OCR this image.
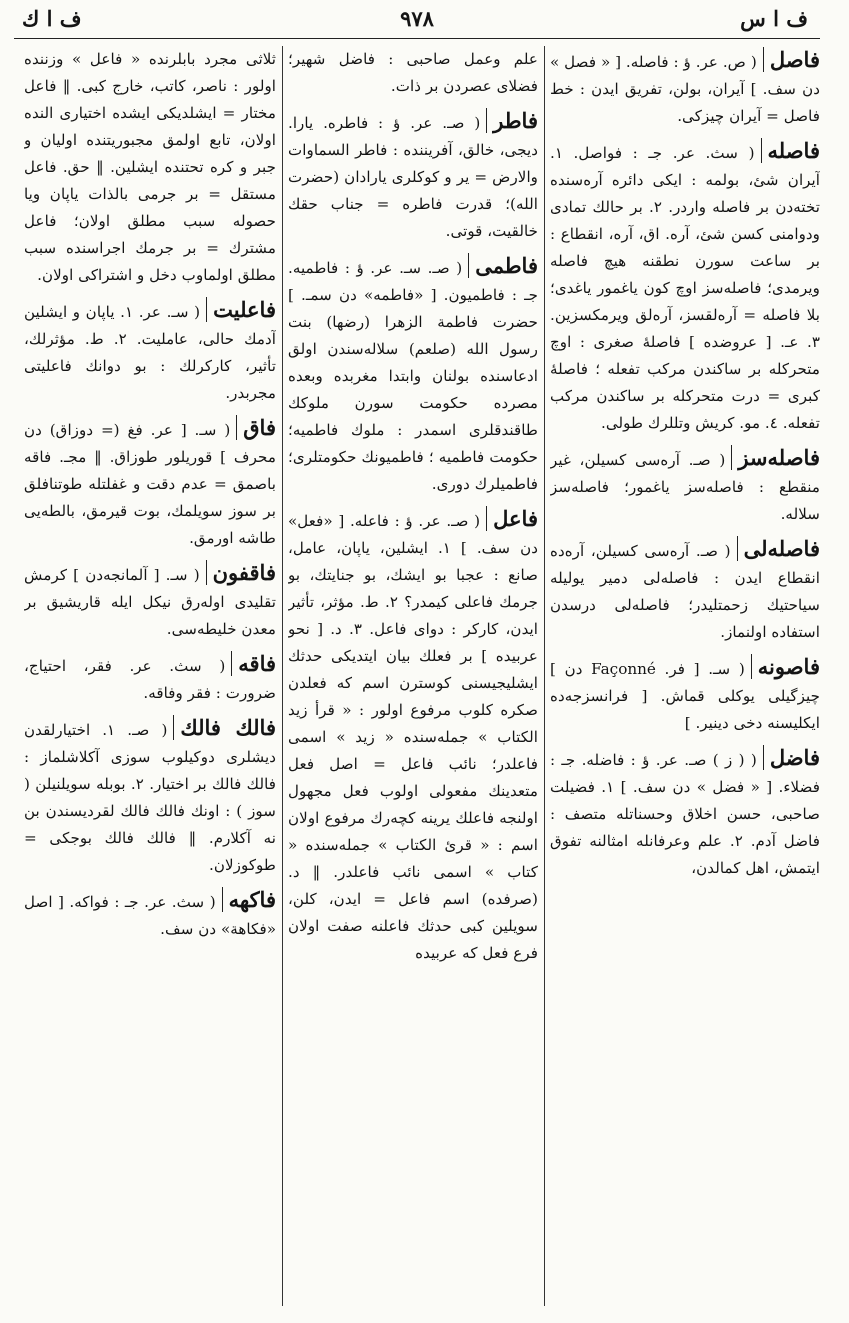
ف ا س
٩٧٨
ف ا ك
فاصل( ص. عر. ؤ : فاصله. [ « فصل » دن سف. ] آیران، بولن، تفریق ایدن : خط فاصل = آیران چیزکی.
فاصله( سث. عر. جـ : فواصل. ١. آیران شئ، بولمه : ایکی دائره آره‌سنده تخته‌دن بر فاصله واردر. ٢. بر حالك تمادی ودوامنی کسن شئ، آره. اق، آره، انقطاع : بر ساعت سورن نطقنه هیچ فاصله ویرمدی؛ فاصله‌سز اوچ کون یاغمور یاغدی؛ بلا فاصله = آره‌لقسز، آره‌لق ویرمکسزین. ٣. عـ. [ عروضده ] فاصلهٔ صغری : اوچ متحرکله بر ساکندن مرکب تفعله ؛ فاصلهٔ کبری = درت متحرکله بر ساکندن مرکب تفعله. ٤. مو. کریش وتللرك طولی.
فاصله‌سز( صـ. آره‌سی کسیلن، غیر منقطع : فاصله‌سز یاغمور؛ فاصله‌سز سلاله.
فاصله‌لی( صـ. آره‌سی کسیلن، آره‌ده انقطاع ایدن : فاصله‌لی دمیر یولیله سیاحتیك زحمتلیدر؛ فاصله‌لی درسدن استفاده اولنماز.
فاصونه( سـ. [ فر. Façonné دن ] چیزگیلی یوکلی قماش. [ فرانسزجه‌ده ایکلیسنه دخی دینیر. ]
فاضل( ( ز ) صـ. عر. ؤ : فاضله. جـ : فضلاء. [ « فضل » دن سف. ] ١. فضیلت صاحبی، حسن اخلاق وحسناتله متصف : فاضل آدم. ٢. علم وعرفانله امثالنه تفوق ایتمش، اهل کمالدن،
علم وعمل صاحبی : فاضل شهیر؛ فضلای عصردن بر ذات.
فاطر( صـ. عر. ؤ : فاطره. یارا. دیجی، خالق، آفریننده : فاطر السماوات والارض = یر و کوکلری یارادان (حضرت الله)؛ قدرت فاطره = جناب حقك خالقیت، قوتی.
فاطمی( صـ. سـ. عر. ؤ : فاطمیه. جـ : فاطمیون. [ «فاطمه» دن سمـ. ] حضرت فاطمة الزهرا (رضها) بنت رسول الله (صلعم) سلاله‌سندن اولق ادعاسنده بولنان وابتدا مغربده وبعده مصرده حکومت سورن ملوکك طاقندقلری اسمدر : ملوك فاطمیه؛ حکومت فاطمیه ؛ فاطمیونك حکومتلری؛ فاطمیلرك دوری.
فاعل( صـ. عر. ؤ : فاعله. [ «فعل» دن سف. ] ١. ایشلین، یاپان، عامل، صانع : عجبا بو ایشك، بو جنایتك، بو جرمك فاعلی کیمدر؟ ٢. ط. مؤثر، تأثیر ایدن، کارکر : دوای فاعل. ٣. د. [ نحو عربیده ] بر فعلك بیان ایتدیکی حدثك ایشلیجیسنی کوسترن اسم که فعلدن صکره کلوب مرفوع اولور : « قرأ زید الکتاب » جمله‌سنده « زید » اسمی فاعلدر؛ نائب فاعل = اصل فعل متعدینك مفعولی اولوب فعل مجهول اولنجه فاعلك یرینه کچه‌رك مرفوع اولان اسم : « قریٔ الکتاب » جمله‌سنده « کتاب » اسمی نائب فاعلدر. ‖ د. (صرفده) اسم فاعل = ایدن، کلن، سویلین کبی حدثك فاعلنه صفت اولان فرع فعل که عربیده
ثلاثی مجرد بابلرنده « فاعل » وزننده اولور : ناصر، کاتب، خارج کبی. ‖ فاعل مختار = ایشلدیکی ایشده اختیاری النده اولان، تابع اولمق مجبوریتنده اولیان و جبر و کره تحتنده ایشلین. ‖ حق. فاعل مستقل = بر جرمی بالذات یاپان ویا حصوله سبب مطلق اولان؛ فاعل مشترك = بر جرمك اجراسنده سبب مطلق اولماوب دخل و اشتراکی اولان.
فاعلیت( سـ. عر. ١. یاپان و ایشلین آدمك حالی، عاملیت. ٢. ط. مؤثرلك، تأثیر، کارکرلك : بو دوانك فاعلیتی مجربدر.
فاق( سـ. [ عر. فغ (= دوزاق) دن محرف ] قوریلور طوزاق. ‖ مجـ. فاقه باصمق = عدم دقت و غفلتله طوتنافلق بر سوز سویلمك، بوت قیرمق، بالطه‌یی طاشه اورمق.
فاقفون( سـ. [ آلمانجه‌دن ] کرمش تقلیدی اوله‌رق نیکل ایله قاریشیق بر معدن خلیطه‌سی.
فاقه( سث. عر. فقر، احتیاج، ضرورت : فقر وفاقه.
فالك فالك( صـ. ١. اختیارلقدن دیشلری دوکیلوب سوزی آکلاشلماز : فالك فالك بر اختیار. ٢. بوبله سویلنیلن ( سوز ) : اونك فالك فالك لقردیسندن بن نه آکلارم. ‖ فالك فالك بوجکی = طوکوزلان.
فاکهه( سث. عر. جـ : فواکه. [ اصل «فکاهة» دن سف.
